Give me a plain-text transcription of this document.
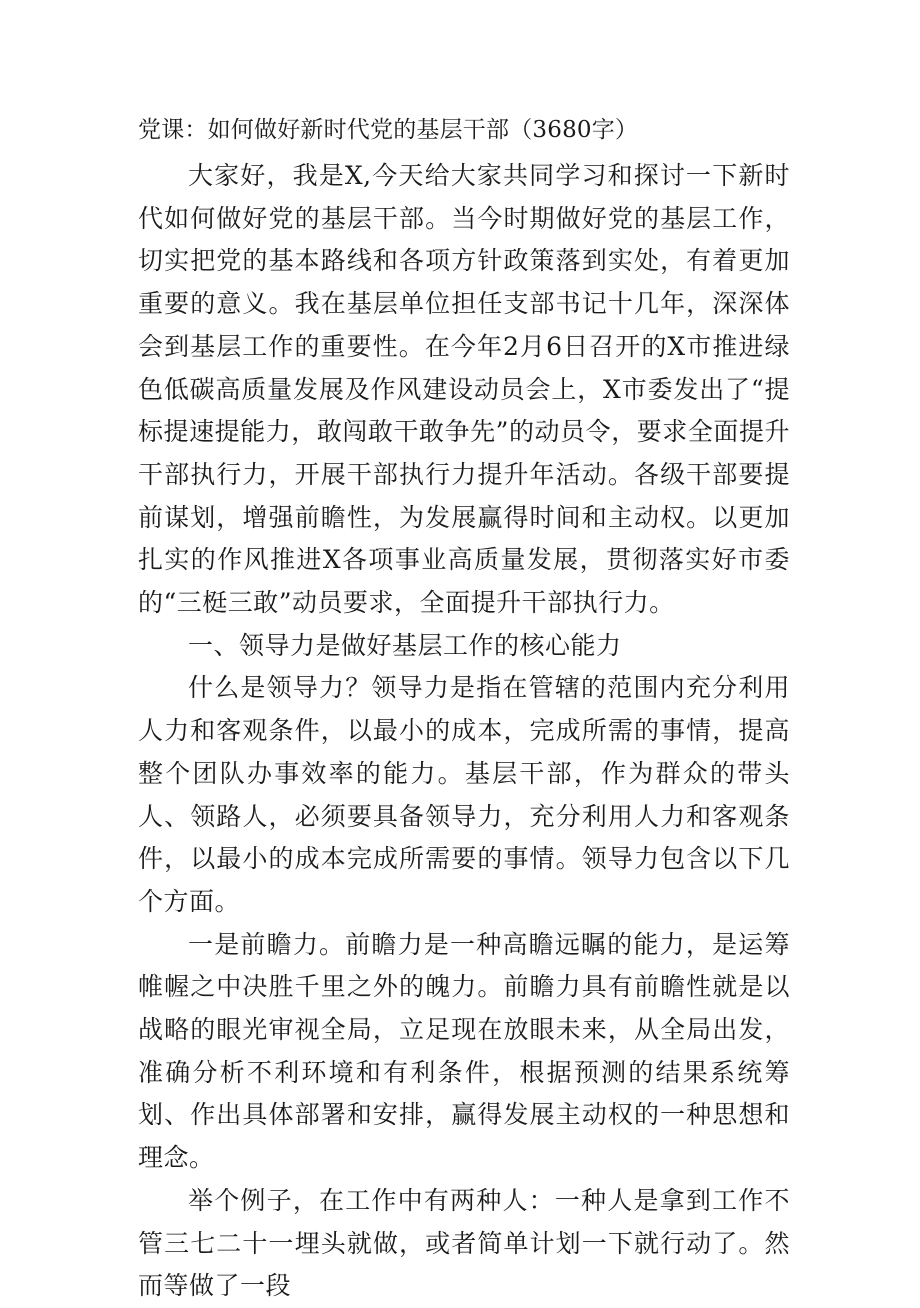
党课：如何做好新时代党的基层干部（3680字）

大家好，我是X,今天给大家共同学习和探讨一下新时代如何做好党的基层干部。当今时期做好党的基层工作，切实把党的基本路线和各项方针政策落到实处，有着更加重要的意义。我在基层单位担任支部书记十几年，深深体会到基层工作的重要性。在今年2月6日召开的X市推进绿色低碳高质量发展及作风建设动员会上，X市委发出了“提标提速提能力，敢闯敢干敢争先”的动员令，要求全面提升干部执行力，开展干部执行力提升年活动。各级干部要提前谋划，增强前瞻性，为发展赢得时间和主动权。以更加扎实的作风推进X各项事业高质量发展，贯彻落实好市委的“三梃三敢”动员要求，全面提升干部执行力。

一、领导力是做好基层工作的核心能力

什么是领导力？领导力是指在管辖的范围内充分利用人力和客观条件，以最小的成本，完成所需的事情，提高整个团队办事效率的能力。基层干部，作为群众的带头人、领路人，必须要具备领导力，充分利用人力和客观条件，以最小的成本完成所需要的事情。领导力包含以下几个方面。

一是前瞻力。前瞻力是一种高瞻远瞩的能力，是运筹帷幄之中决胜千里之外的魄力。前瞻力具有前瞻性就是以战略的眼光审视全局，立足现在放眼未来，从全局出发，准确分析不利环境和有利条件，根据预测的结果系统筹划、作出具体部署和安排，赢得发展主动权的一种思想和理念。

举个例子，在工作中有两种人：一种人是拿到工作不管三七二十一埋头就做，或者简单计划一下就行动了。然而等做了一段
